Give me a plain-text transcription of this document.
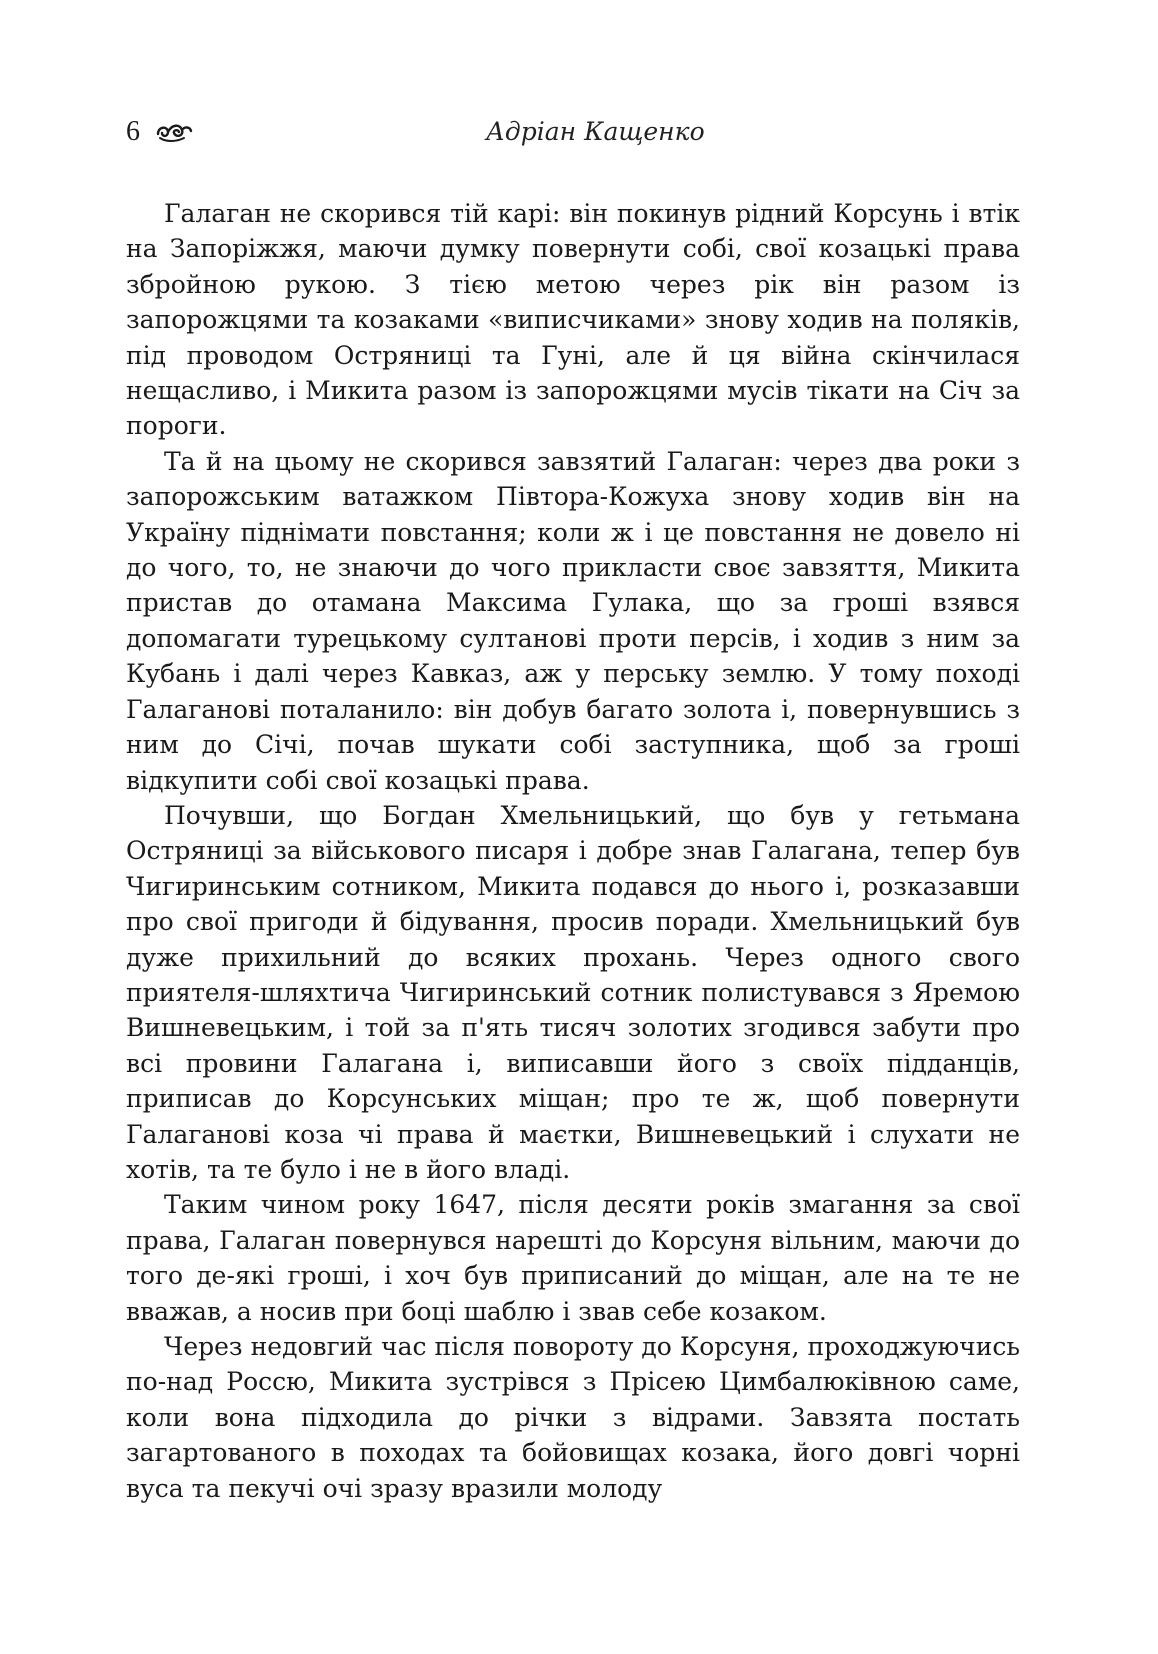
6	Адріан Кащенко

Галаган не скорився тій карі: він покинув рідний Корсунь і втік на Запоріжжя, маючи думку повернути собі, свої козацькі права збройною рукою. З тією метою через рік він разом із запорожцями та козаками «виписчиками» знову ходив на поляків, під проводом Остряниці та Гуні, але й ця війна скінчилася нещасливо, і Микита разом із запорожцями мусів тікати на Січ за пороги.

Та й на цьому не скорився завзятий Галаган: через два роки з запорожським ватажком Півтора-Кожуха знову ходив він на Україну піднімати повстання; коли ж і це повстання не довело ні до чого, то, не знаючи до чого прикласти своє завзяття, Микита пристав до отамана Максима Гулака, що за гроші взявся допомагати турецькому султанові проти персів, і ходив з ним за Кубань і далі через Кавказ, аж у перську землю. У тому поході Галаганові поталанило: він добув багато золота і, повернувшись з ним до Січі, почав шукати собі заступника, щоб за гроші відкупити собі свої козацькі права.

Почувши, що Богдан Хмельницький, що був у гетьмана Остряниці за військового писаря і добре знав Галагана, тепер був Чигиринським сотником, Микита подався до нього і, розказавши про свої пригоди й бідування, просив поради. Хмельницький був дуже прихильний до всяких прохань. Через одного свого приятеля-шляхтича Чигиринський сотник полистувався з Яремою Вишневецьким, і той за п'ять тисяч золотих згодився забути про всі провини Галагана і, виписавши його з своїх підданців, приписав до Корсунських міщан; про те ж, щоб повернути Галаганові коза чі права й маєтки, Вишневецький і слухати не хотів, та те було і не в його владі.

Таким чином року 1647, після десяти років змагання за свої права, Галаган повернувся нарешті до Корсуня вільним, маючи до того де-які гроші, і хоч був приписаний до міщан, але на те не вважав, а носив при боці шаблю і звав себе козаком.

Через недовгий час після повороту до Корсуня, проходжуючись по-над Россю, Микита зустрівся з Прісею Цимбалюківною саме, коли вона підходила до річки з відрами. Завзята постать загартованого в походах та бойовищах козака, його довгі чорні вуса та пекучі очі зразу вразили молоду
